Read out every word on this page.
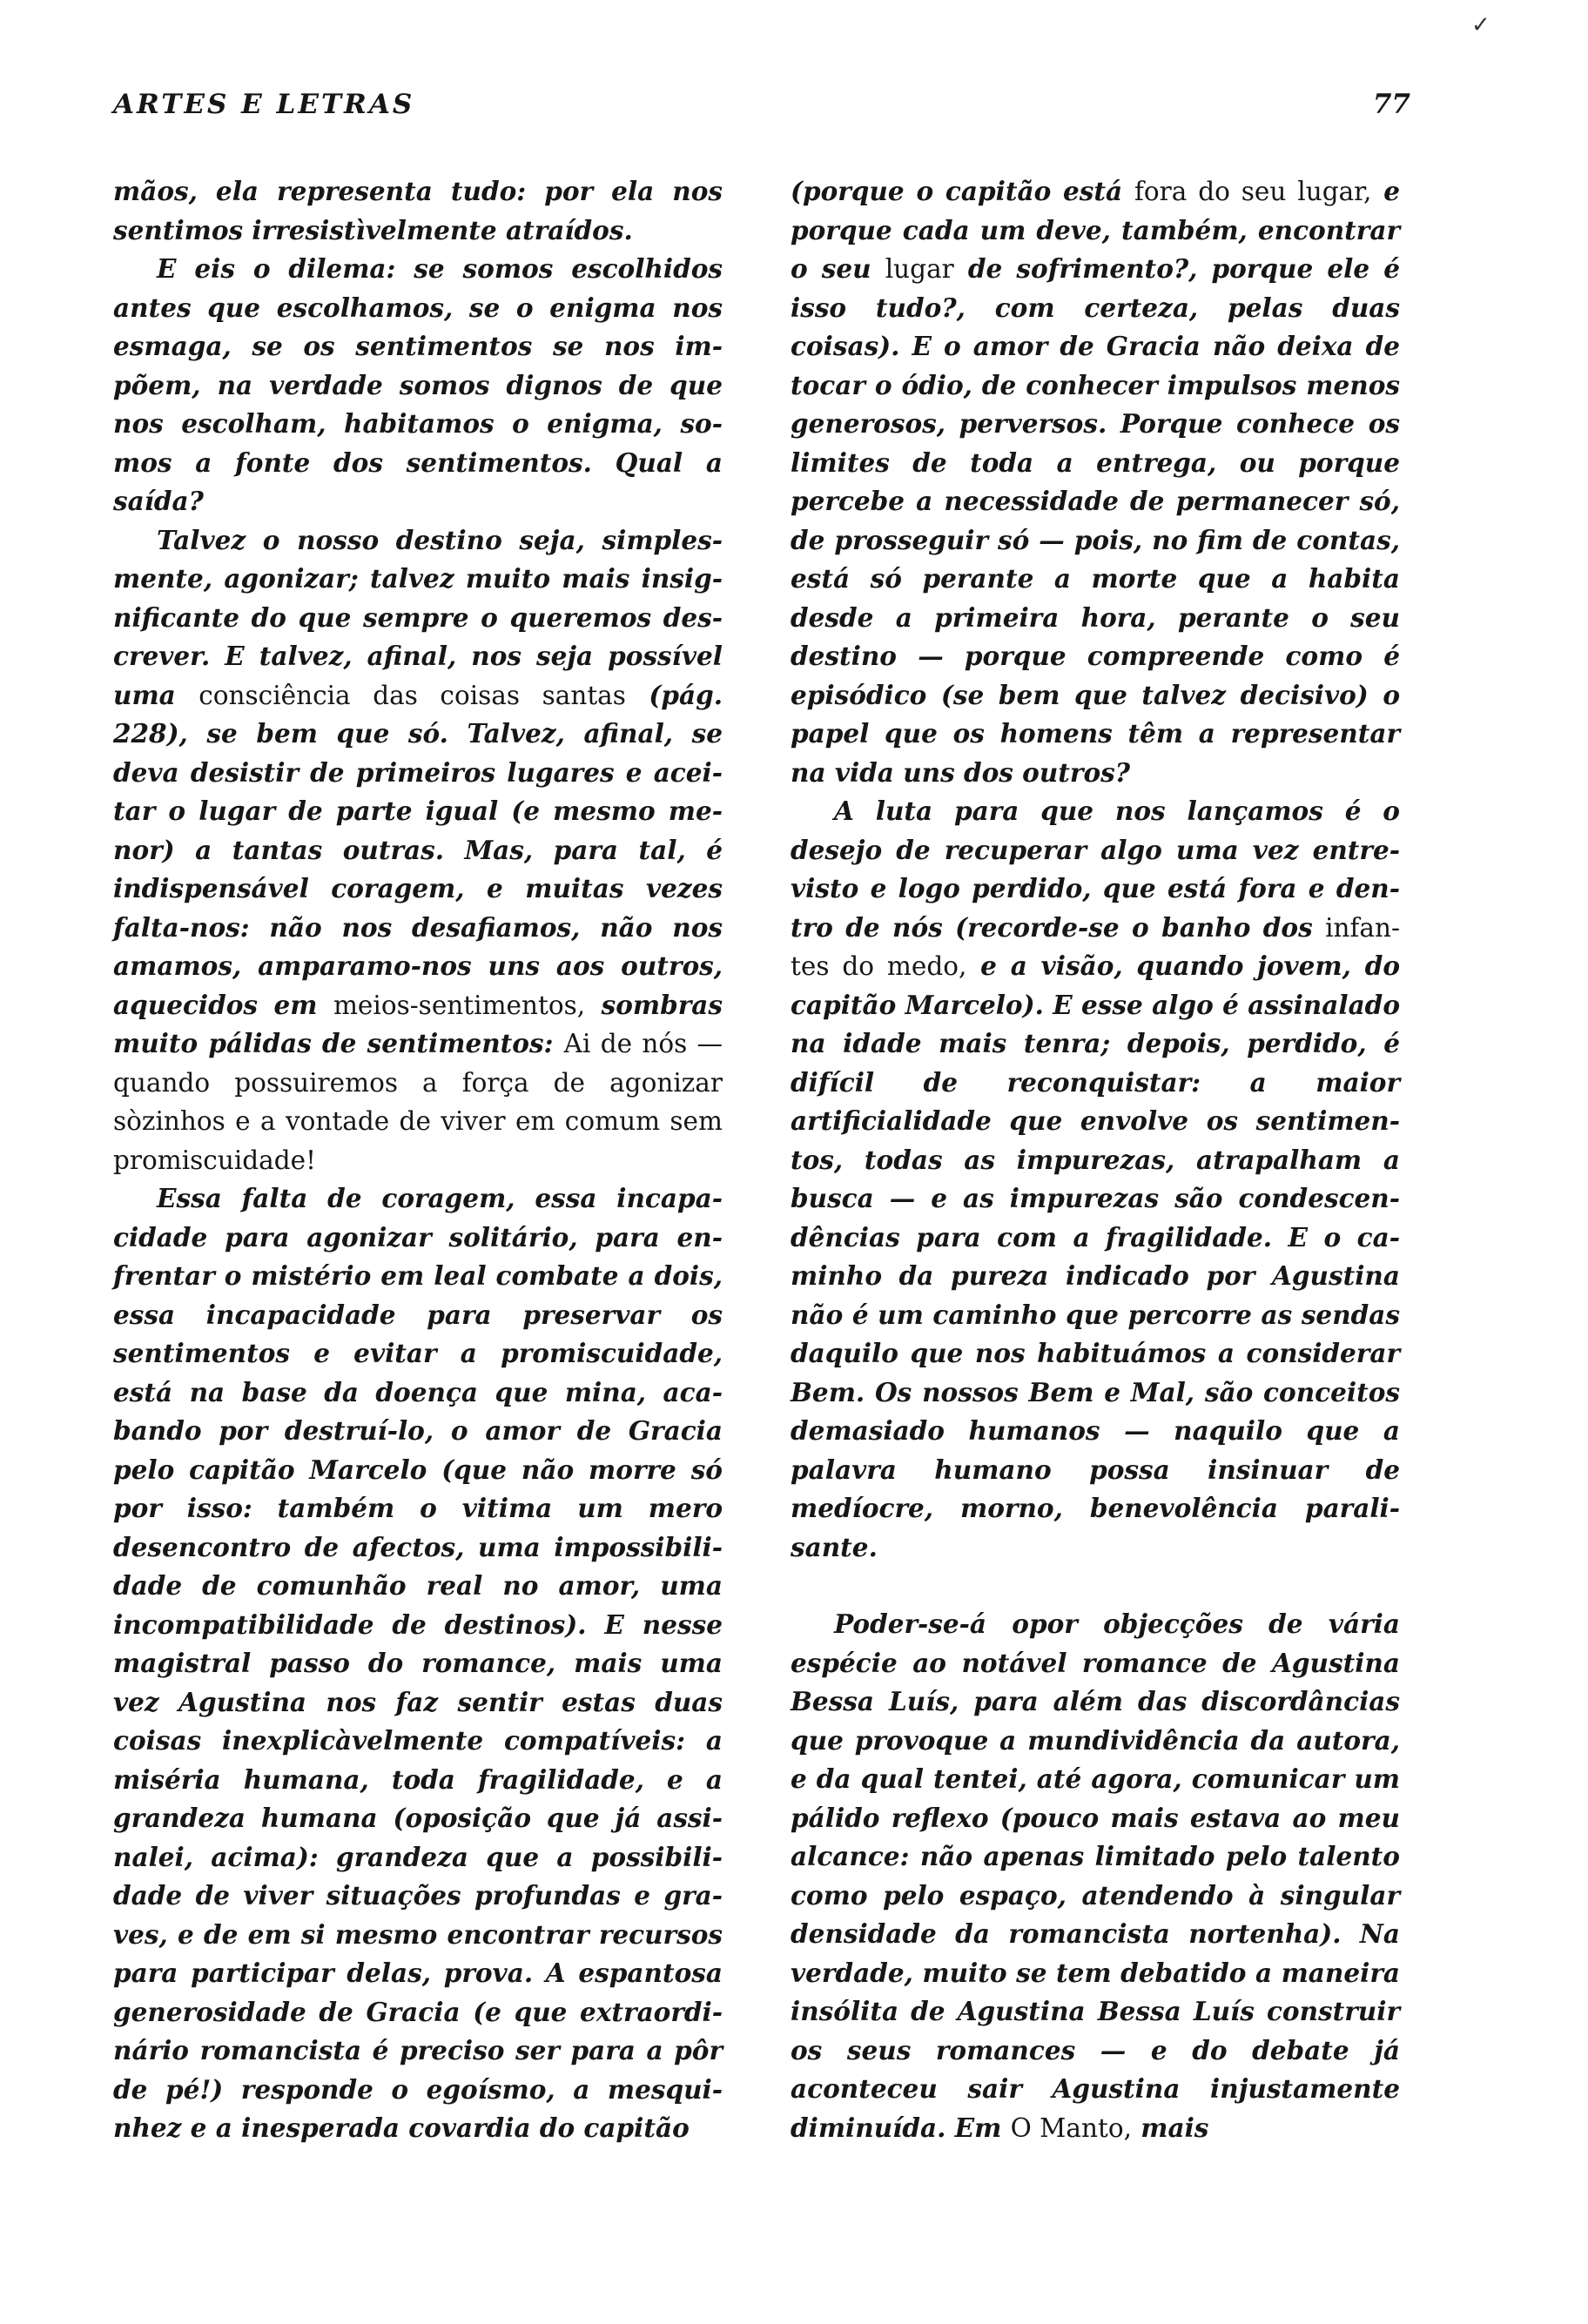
✓
ARTES E LETRAS	77

mãos, ela representa tudo: por ela nos sentimos irresistìvelmente atraídos.

E eis o dilema: se somos escolhidos antes que escolhamos, se o enigma nos esmaga, se os sentimentos se nos impõem, na verdade somos dignos de que nos escolham, habitamos o enigma, somos a fonte dos sentimentos. Qual a saída?

Talvez o nosso destino seja, simplesmente, agonizar; talvez muito mais insignificante do que sempre o queremos descrever. E talvez, afinal, nos seja possível uma consciência das coisas santas (pág. 228), se bem que só. Talvez, afinal, se deva desistir de primeiros lugares e aceitar o lugar de parte igual (e mesmo menor) a tantas outras. Mas, para tal, é indispensável coragem, e muitas vezes falta-nos: não nos desafiamos, não nos amamos, amparamo-nos uns aos outros, aquecidos em meios-sentimentos, sombras muito pálidas de sentimentos: Ai de nós — quando possuiremos a força de agonizar sòzinhos e a vontade de viver em comum sem promiscuidade!

Essa falta de coragem, essa incapacidade para agonizar solitário, para enfrentar o mistério em leal combate a dois, essa incapacidade para preservar os sentimentos e evitar a promiscuidade, está na base da doença que mina, acabando por destruí-lo, o amor de Gracia pelo capitão Marcelo (que não morre só por isso: também o vitima um mero desencontro de afectos, uma impossibilidade de comunhão real no amor, uma incompatibilidade de destinos). E nesse magistral passo do romance, mais uma vez Agustina nos faz sentir estas duas coisas inexplicàvelmente compatíveis: a miséria humana, toda fragilidade, e a grandeza humana (oposição que já assinalei, acima): grandeza que a possibilidade de viver situações profundas e graves, e de em si mesmo encontrar recursos para participar delas, prova. A espantosa generosidade de Gracia (e que extraordinário romancista é preciso ser para a pôr de pé!) responde o egoísmo, a mesquinhez e a inesperada covardia do capitão

(porque o capitão está fora do seu lugar, e porque cada um deve, também, encontrar o seu lugar de sofrimento?, porque ele é isso tudo?, com certeza, pelas duas coisas). E o amor de Gracia não deixa de tocar o ódio, de conhecer impulsos menos generosos, perversos. Porque conhece os limites de toda a entrega, ou porque percebe a necessidade de permanecer só, de prosseguir só — pois, no fim de contas, está só perante a morte que a habita desde a primeira hora, perante o seu destino — porque compreende como é episódico (se bem que talvez decisivo) o papel que os homens têm a representar na vida uns dos outros?

A luta para que nos lançamos é o desejo de recuperar algo uma vez entrevisto e logo perdido, que está fora e dentro de nós (recorde-se o banho dos infantes do medo, e a visão, quando jovem, do capitão Marcelo). E esse algo é assinalado na idade mais tenra; depois, perdido, é difícil de reconquistar: a maior artificialidade que envolve os sentimentos, todas as impurezas, atrapalham a busca — e as impurezas são condescendências para com a fragilidade. E o caminho da pureza indicado por Agustina não é um caminho que percorre as sendas daquilo que nos habituámos a considerar Bem. Os nossos Bem e Mal, são conceitos demasiado humanos — naquilo que a palavra humano possa insinuar de medíocre, morno, benevolência paralisante.

Poder-se-á opor objecções de vária espécie ao notável romance de Agustina Bessa Luís, para além das discordâncias que provoque a mundividência da autora, e da qual tentei, até agora, comunicar um pálido reflexo (pouco mais estava ao meu alcance: não apenas limitado pelo talento como pelo espaço, atendendo à singular densidade da romancista nortenha). Na verdade, muito se tem debatido a maneira insólita de Agustina Bessa Luís construir os seus romances — e do debate já aconteceu sair Agustina injustamente diminuída. Em O Manto, mais
